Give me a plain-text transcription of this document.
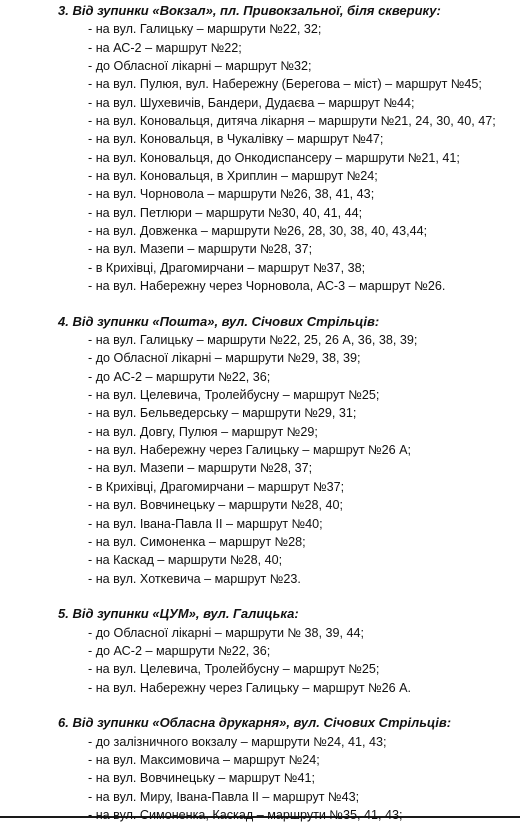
3. Від зупинки «Вокзал», пл. Привокзальної, біля скверику:
- на вул. Галицьку – маршрути №22, 32;
- на АС-2 – маршрут №22;
- до Обласної лікарні – маршрут №32;
- на вул. Пулюя, вул. Набережну (Берегова – міст) – маршрут №45;
- на вул. Шухевичів, Бандери, Дудаєва – маршрут №44;
- на вул. Коновальця, дитяча лікарня – маршрути №21, 24, 30, 40, 47;
- на вул. Коновальця, в Чукалівку – маршрут №47;
- на вул. Коновальця, до Онкодиспансеру – маршрути №21, 41;
- на вул. Коновальця, в Хриплин – маршрут №24;
- на вул. Чорновола – маршрути №26, 38, 41, 43;
- на вул. Петлюри – маршрути №30, 40, 41, 44;
- на вул. Довженка – маршрути №26, 28, 30, 38, 40, 43,44;
- на вул. Мазепи – маршрути №28, 37;
- в Крихівці, Драгомирчани – маршрут №37, 38;
- на вул. Набережну через Чорновола, АС-3 – маршрут №26.
4. Від зупинки «Пошта», вул. Січових Стрільців:
- на вул. Галицьку – маршрути №22, 25, 26 А, 36, 38, 39;
- до Обласної лікарні – маршрути №29, 38, 39;
- до АС-2 – маршрути №22, 36;
- на вул. Целевича, Тролейбусну – маршрут №25;
- на вул. Бельведерську – маршрути №29, 31;
- на вул. Довгу, Пулюя – маршрут №29;
- на вул. Набережну через Галицьку – маршрут №26 А;
- на вул. Мазепи – маршрути №28, 37;
- в Крихівці, Драгомирчани – маршрут №37;
- на вул. Вовчинецьку – маршрути №28, 40;
- на вул. Івана-Павла ІІ – маршрут №40;
- на вул. Симоненка – маршрут №28;
- на Каскад – маршрути №28, 40;
- на вул. Хоткевича – маршрут №23.
5. Від зупинки «ЦУМ», вул. Галицька:
- до Обласної лікарні – маршрути № 38, 39, 44;
- до АС-2 – маршрути №22, 36;
- на вул. Целевича, Тролейбусну – маршрут №25;
- на вул. Набережну через Галицьку – маршрут №26 А.
6. Від зупинки «Обласна друкарня», вул. Січових Стрільців:
- до залізничного вокзалу – маршрути №24, 41, 43;
- на вул. Максимовича – маршрут №24;
- на вул. Вовчинецьку – маршрут №41;
- на вул. Миру, Івана-Павла ІІ – маршрут №43;
- на вул. Симоненка, Каскад – маршрути №35, 41, 43;
